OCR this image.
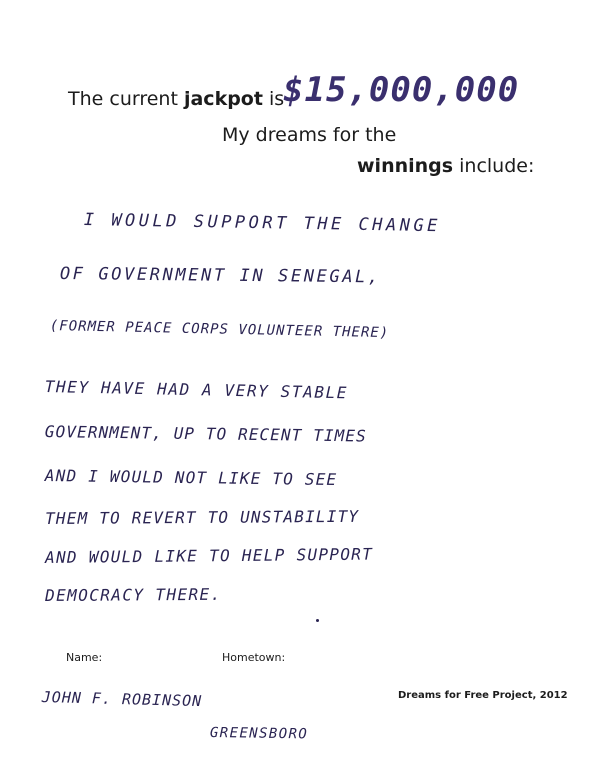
The current jackpot is
$15,000,000
My dreams for the
winnings include:
I WOULD SUPPORT THE CHANGE
OF GOVERNMENT IN SENEGAL,
(FORMER PEACE CORPS VOLUNTEER THERE)
THEY HAVE HAD A VERY STABLE
GOVERNMENT, UP TO RECENT TIMES
AND I WOULD NOT LIKE TO SEE
THEM TO REVERT TO UNSTABILITY
AND WOULD LIKE TO HELP SUPPORT
DEMOCRACY THERE.
Name:	Hometown:
JOHN F. ROBINSON
GREENSBORO
Dreams for Free Project, 2012
